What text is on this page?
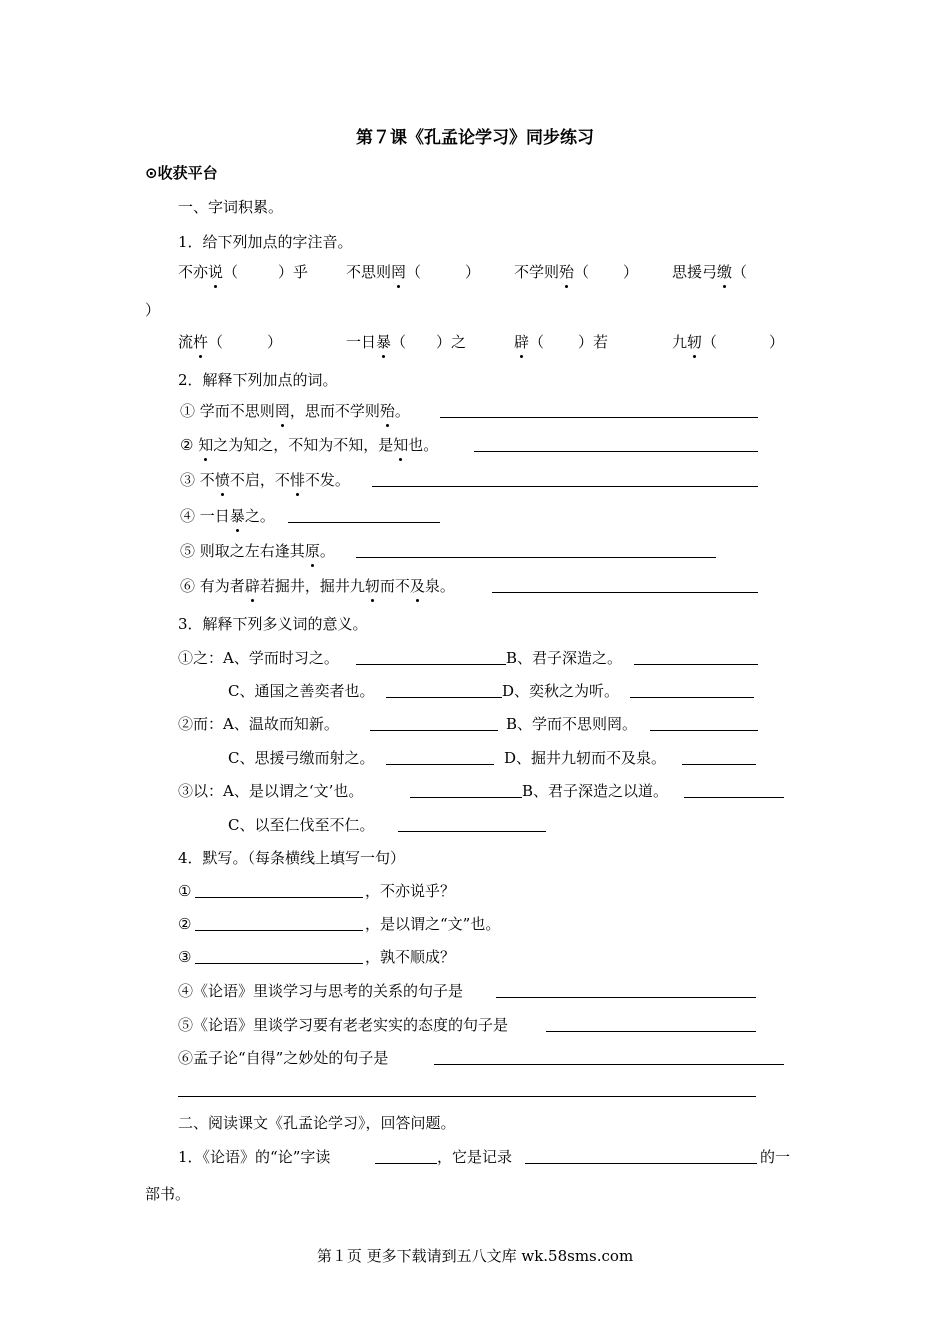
第７课《孔孟论学习》同步练习
⊙收获平台
一、字词积累。
1．给下列加点的字注音。
不亦说（	）乎	不思则罔（	） 不学则殆（ ） 思援弓缴（
）
流杵（	）	一日暴（ ）之	辟（ ）若	九轫（	）
2．解释下列加点的词。
① 学而不思则罔，思而不学则殆。
② 知之为知之，不知为不知，是知也。
③ 不愤不启，不悱不发。
④ 一日暴之。
⑤ 则取之左右逢其原。
⑥ 有为者辟若掘井，掘井九轫而不及泉。
3．解释下列多义词的意义。
①之：A、学而时习之。	B、君子深造之。
C、通国之善奕者也。	D、奕秋之为听。
②而：A、温故而知新。	B、学而不思则罔。
C、思援弓缴而射之。	D、掘井九轫而不及泉。
③以：A、是以谓之‘文’也。	B、君子深造之以道。
C、以至仁伐至不仁。
4．默写。（每条横线上填写一句）
①	，不亦说乎？
②	，是以谓之“文”也。
③	，孰不顺成？
④《论语》里谈学习与思考的关系的句子是
⑤《论语》里谈学习要有老老实实的态度的句子是
⑥孟子论“自得”之妙处的句子是
二、阅读课文《孔孟论学习》，回答问题。
1．《论语》的“论”字读	，它是记录	的一
部书。
第１页 更多下载请到五八文库 wk.58sms.com
